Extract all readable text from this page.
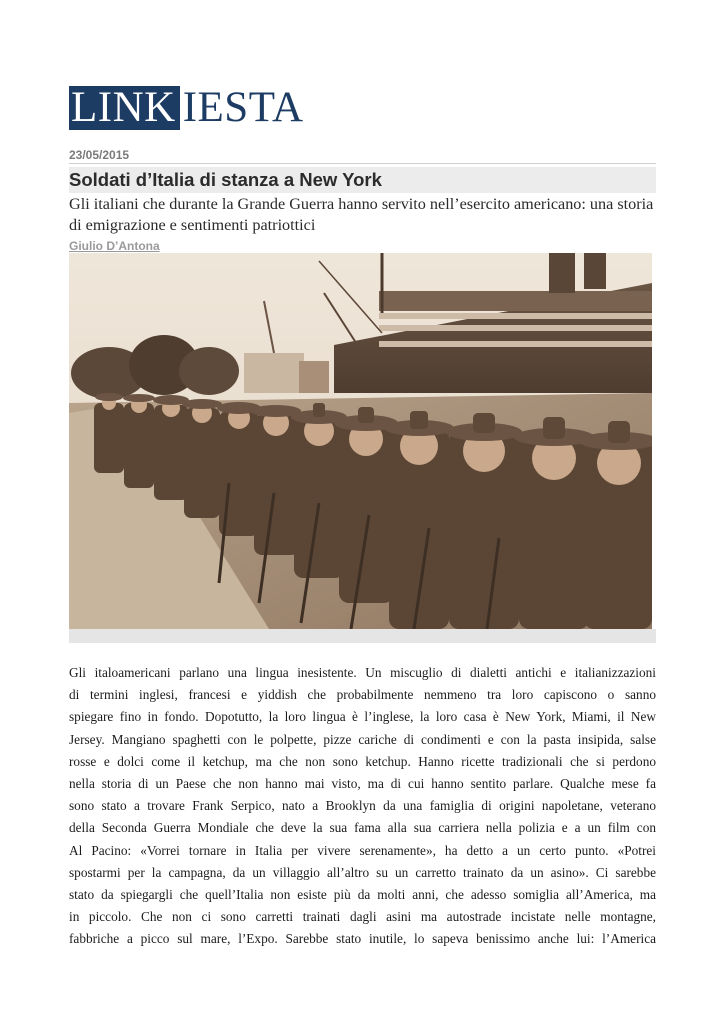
LINK IESTA
23/05/2015
Soldati d’Italia di stanza a New York
Gli italiani che durante la Grande Guerra hanno servito nell’esercito americano: una storia di emigrazione e sentimenti patriottici
Giulio D’Antona
Gli italoamericani parlano una lingua inesistente. Un miscuglio di dialetti antichi e italianizzazioni
di termini inglesi, francesi e yiddish che probabilmente nemmeno tra loro capiscono o sanno
spiegare fino in fondo. Dopotutto, la loro lingua è l’inglese, la loro casa è New York, Miami, il New
Jersey. Mangiano spaghetti con le polpette, pizze cariche di condimenti e con la pasta insipida, salse
rosse e dolci come il ketchup, ma che non sono ketchup. Hanno ricette tradizionali che si perdono
nella storia di un Paese che non hanno mai visto, ma di cui hanno sentito parlare. Qualche mese fa
sono stato a trovare Frank Serpico, nato a Brooklyn da una famiglia di origini napoletane, veterano
della Seconda Guerra Mondiale che deve la sua fama alla sua carriera nella polizia e a un film con
Al Pacino: «Vorrei tornare in Italia per vivere serenamente», ha detto a un certo punto. «Potrei
spostarmi per la campagna, da un villaggio all’altro su un carretto trainato da un asino». Ci sarebbe
stato da spiegargli che quell’Italia non esiste più da molti anni, che adesso somiglia all’America, ma
in piccolo. Che non ci sono carretti trainati dagli asini ma autostrade incistate nelle montagne,
fabbriche a picco sul mare, l’Expo. Sarebbe stato inutile, lo sapeva benissimo anche lui: l’America
